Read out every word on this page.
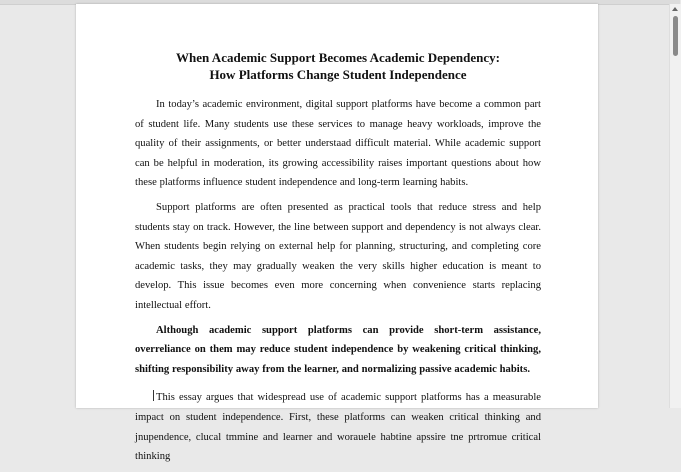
When Academic Support Becomes Academic Dependency:
How Platforms Change Student Independence

In today’s academic environment, digital support platforms have become a common part of student life. Many students use these services to manage heavy workloads, improve the quality of their assignments, or better understaad difficult material. While academic support can be helpful in moderation, its growing accessibility raises important questions about how these platforms influence student independence and long-term learning habits.

Support platforms are often presented as practical tools that reduce stress and help students stay on track. However, the line between support and dependency is not always clear. When students begin relying on external help for planning, structuring, and completing core academic tasks, they may gradually weaken the very skills higher education is meant to develop. This issue becomes even more concerning when convenience starts replacing intellectual effort.

Although academic support platforms can provide short-term assistance, overreliance on them may reduce student independence by weakening critical thinking, shifting responsibility away from the learner, and normalizing passive academic habits.

This essay argues that widespread use of academic support platforms has a measurable impact on student independence. First, these platforms can weaken critical thinking and jnupendence, clucal tmmine and learner and worauele habtine apssire tne prtromue critical thinking
